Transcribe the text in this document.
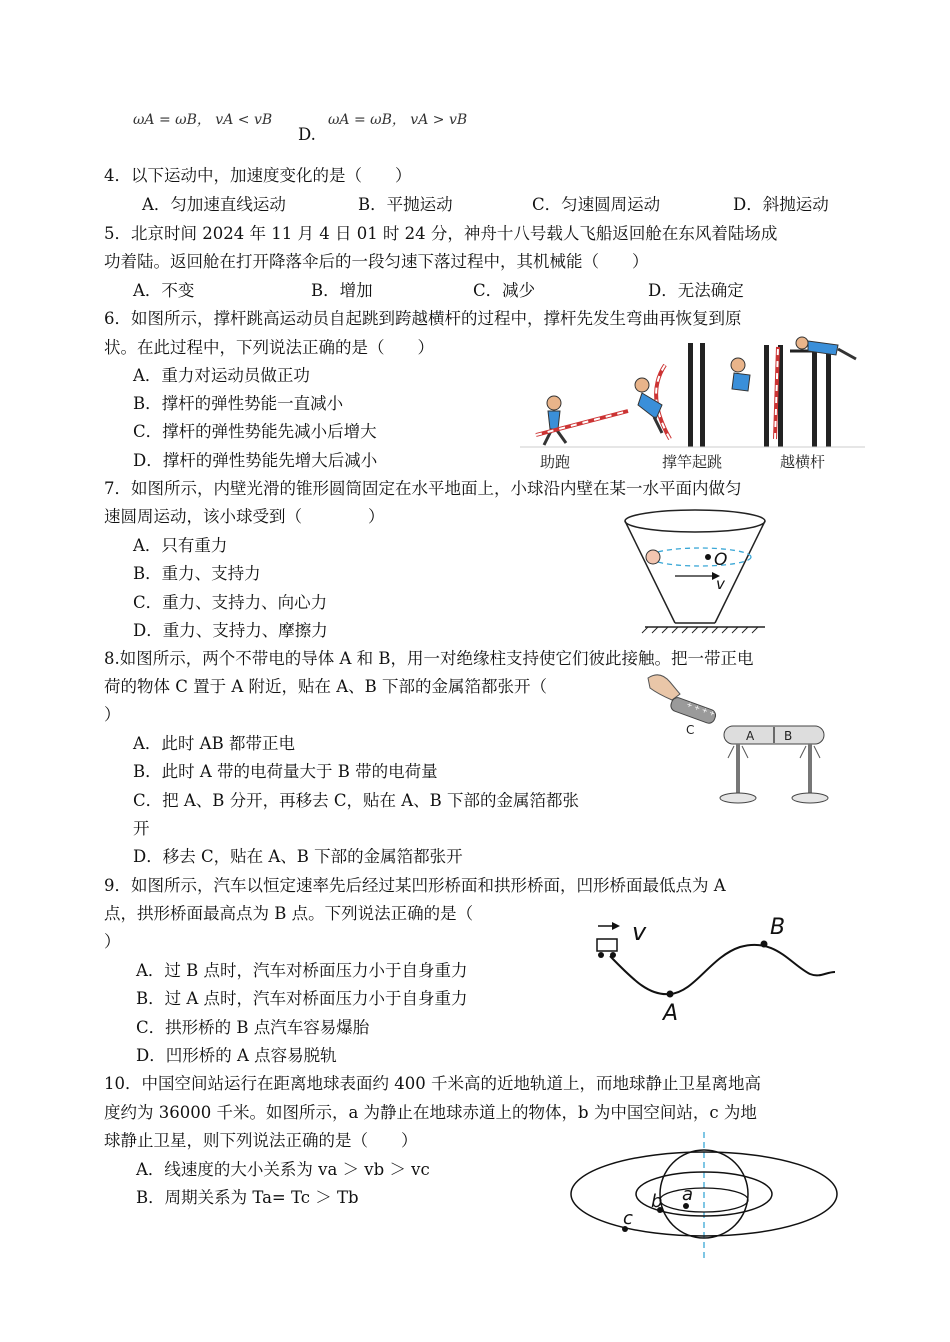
ωA = ωB， vA < vB
D.
ωA = ωB， vA > vB
4．以下运动中，加速度变化的是（　　）
A．匀加速直线运动	B．平抛运动	C．匀速圆周运动	D．斜抛运动
5．北京时间 2024 年 11 月 4 日 01 时 24 分，神舟十八号载人飞船返回舱在东风着陆场成
功着陆。返回舱在打开降落伞后的一段匀速下落过程中，其机械能（　　）
A．不变	B．增加	C．减少	D．无法确定
6．如图所示，撑杆跳高运动员自起跳到跨越横杆的过程中，撑杆先发生弯曲再恢复到原
状。在此过程中，下列说法正确的是（　　）
A．重力对运动员做正功
B．撑杆的弹性势能一直减小
C．撑杆的弹性势能先减小后增大
D．撑杆的弹性势能先增大后减小	助跑	撑竿起跳	越横杆
7．如图所示，内壁光滑的锥形圆筒固定在水平地面上，小球沿内壁在某一水平面内做匀
速圆周运动，该小球受到（　　　　）
A．只有重力
B．重力、支持力
C．重力、支持力、向心力
D．重力、支持力、摩擦力
O
v
8.如图所示，两个不带电的导体 A 和 B，用一对绝缘柱支持使它们彼此接触。把一带正电
荷的物体 C 置于 A 附近，贴在 A、B 下部的金属箔都张开（
）
A．此时 AB 都带正电
B．此时 A 带的电荷量大于 B 带的电荷量
C．把 A、B 分开，再移去 C，贴在 A、B 下部的金属箔都张
开
D．移去 C，贴在 A、B 下部的金属箔都张开
+ + + +
C	A B
9．如图所示，汽车以恒定速率先后经过某凹形桥面和拱形桥面，凹形桥面最低点为 A
点，拱形桥面最高点为 B 点。下列说法正确的是（
）
A．过 B 点时，汽车对桥面压力小于自身重力
B．过 A 点时，汽车对桥面压力小于自身重力
C．拱形桥的 B 点汽车容易爆胎
D．凹形桥的 A 点容易脱轨
v
A
B
10．中国空间站运行在距离地球表面约 400 千米高的近地轨道上，而地球静止卫星离地高
度约为 36000 千米。如图所示，a 为静止在地球赤道上的物体，b 为中国空间站，c 为地
球静止卫星，则下列说法正确的是（　　）
A．线速度的大小关系为 va ＞ vb ＞ vc
B．周期关系为 Ta= Tc ＞ Tb	a
b
c
